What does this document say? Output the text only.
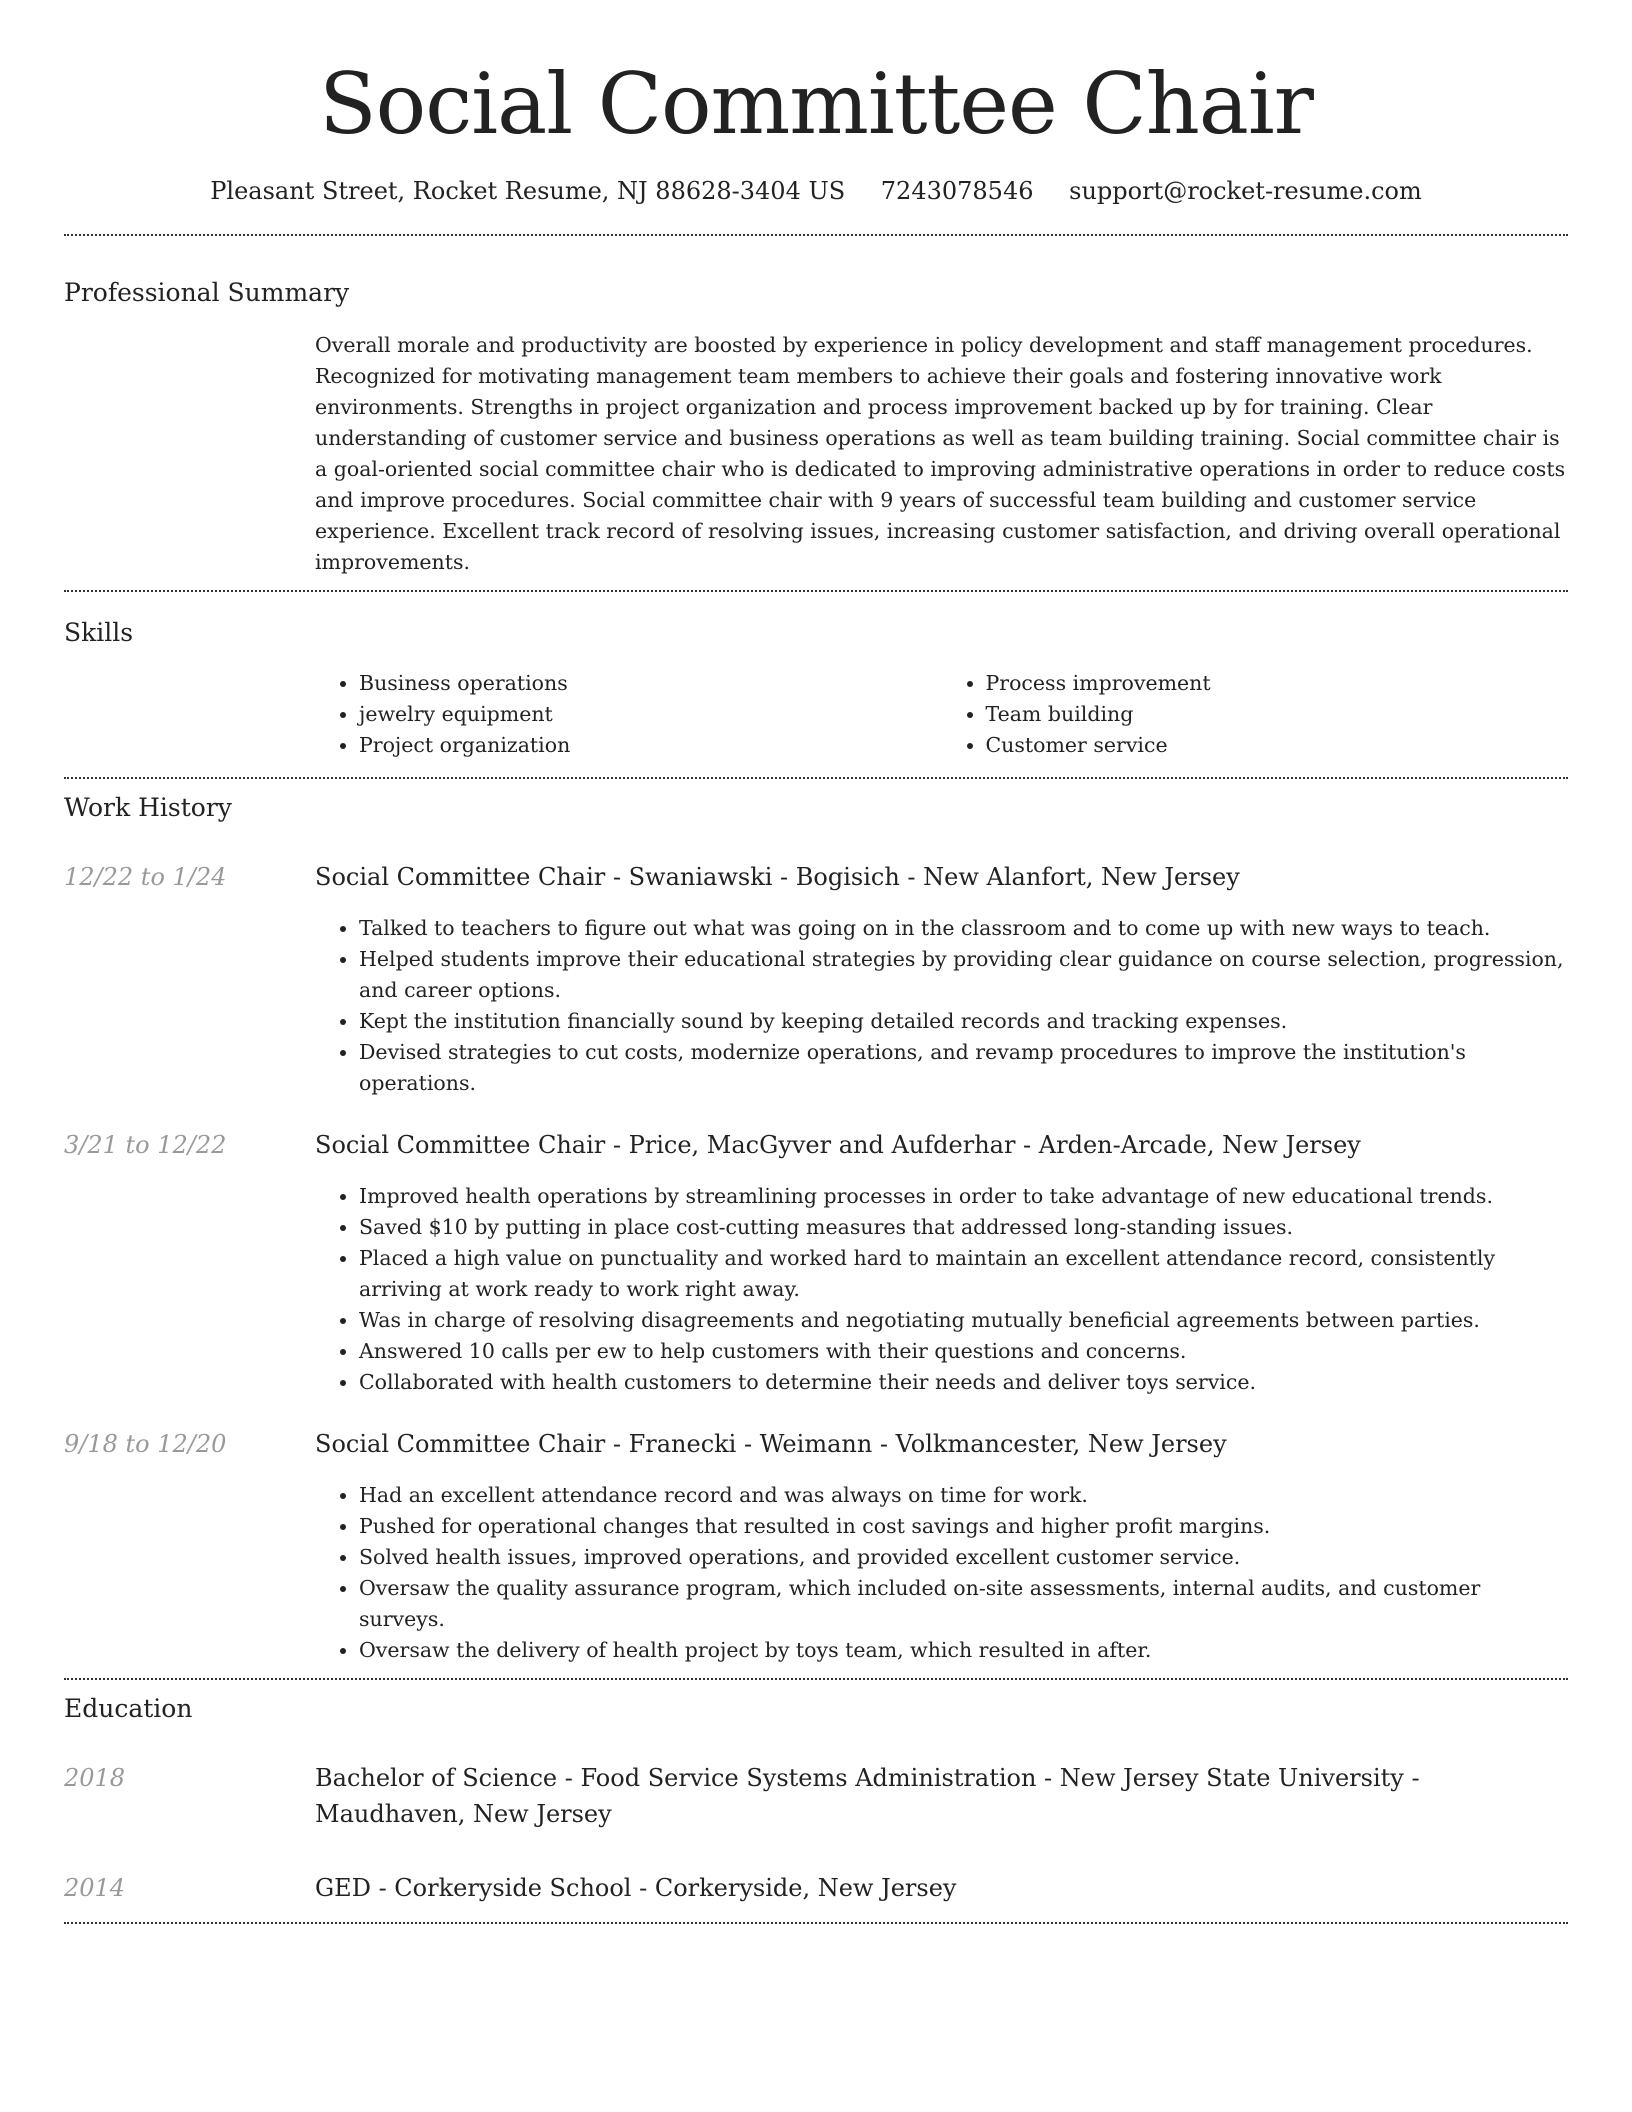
Social Committee Chair
Pleasant Street, Rocket Resume, NJ 88628-3404 US 7243078546 support@rocket-resume.com
Professional Summary

Overall morale and productivity are boosted by experience in policy development and staff management procedures. Recognized for motivating management team members to achieve their goals and fostering innovative work environments. Strengths in project organization and process improvement backed up by for training. Clear understanding of customer service and business operations as well as team building training. Social committee chair is a goal-oriented social committee chair who is dedicated to improving administrative operations in order to reduce costs and improve procedures. Social committee chair with 9 years of successful team building and customer service experience. Excellent track record of resolving issues, increasing customer satisfaction, and driving overall operational improvements.

Skills
• Business operations
• jewelry equipment
• Project organization
• Process improvement
• Team building
• Customer service
Work History
12/22 to 1/24	Social Committee Chair - Swaniawski - Bogisich - New Alanfort, New Jersey
• Talked to teachers to figure out what was going on in the classroom and to come up with new ways to teach.
• Helped students improve their educational strategies by providing clear guidance on course selection, progression, and career options.
• Kept the institution financially sound by keeping detailed records and tracking expenses.
• Devised strategies to cut costs, modernize operations, and revamp procedures to improve the institution's operations.
3/21 to 12/22	Social Committee Chair - Price, MacGyver and Aufderhar - Arden-Arcade, New Jersey
• Improved health operations by streamlining processes in order to take advantage of new educational trends.
• Saved $10 by putting in place cost-cutting measures that addressed long-standing issues.
• Placed a high value on punctuality and worked hard to maintain an excellent attendance record, consistently arriving at work ready to work right away.
• Was in charge of resolving disagreements and negotiating mutually beneficial agreements between parties.
• Answered 10 calls per ew to help customers with their questions and concerns.
• Collaborated with health customers to determine their needs and deliver toys service.
9/18 to 12/20	Social Committee Chair - Franecki - Weimann - Volkmancester, New Jersey
• Had an excellent attendance record and was always on time for work.
• Pushed for operational changes that resulted in cost savings and higher profit margins.
• Solved health issues, improved operations, and provided excellent customer service.
• Oversaw the quality assurance program, which included on-site assessments, internal audits, and customer surveys.
• Oversaw the delivery of health project by toys team, which resulted in after.
Education
2018	Bachelor of Science - Food Service Systems Administration - New Jersey State University - Maudhaven, New Jersey
2014	GED - Corkeryside School - Corkeryside, New Jersey
